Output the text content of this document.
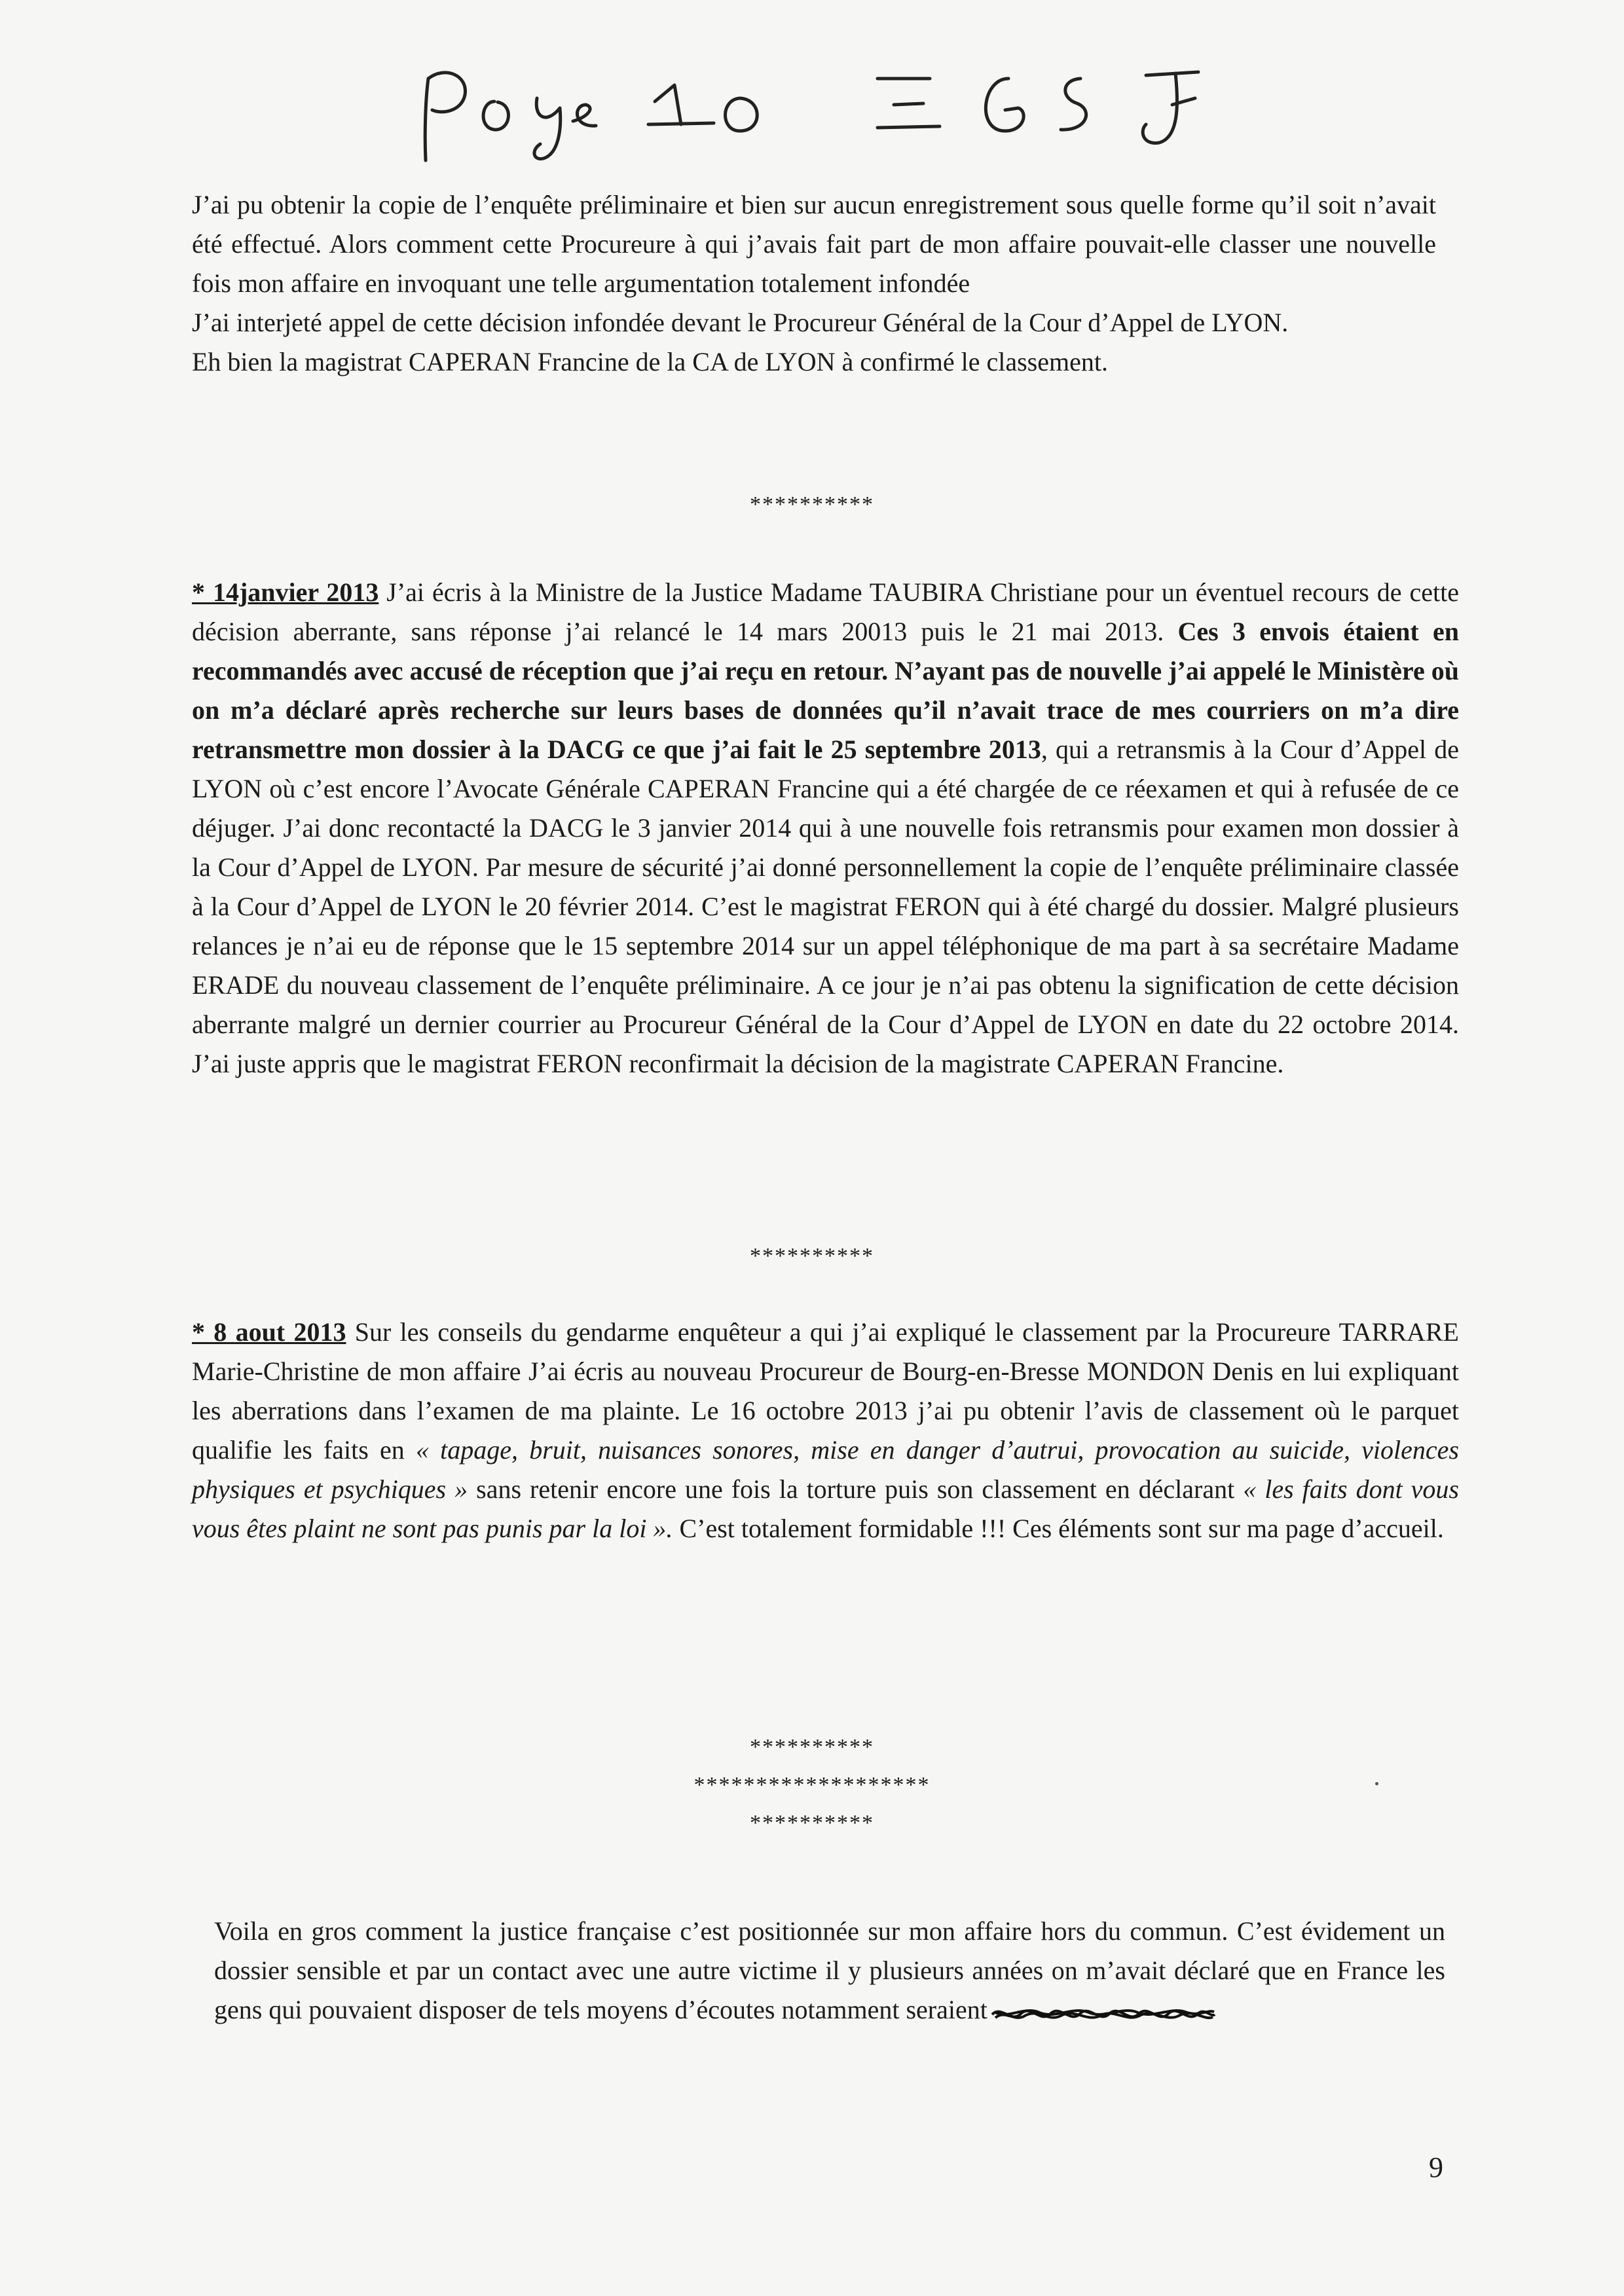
J’ai pu obtenir la copie de l’enquête préliminaire et bien sur aucun enregistrement sous quelle forme qu’il soit n’avait été effectué. Alors comment cette Procureure à qui j’avais fait part de mon affaire pouvait-elle classer une nouvelle fois mon affaire en invoquant une telle argumentation totalement infondée

J’ai interjeté appel de cette décision infondée devant le Procureur Général de la Cour d’Appel de LYON.

Eh bien la magistrat CAPERAN Francine de la CA de LYON à confirmé le classement.

**********
* 14janvier 2013 J’ai écris à la Ministre de la Justice Madame TAUBIRA Christiane pour un éventuel recours de cette décision aberrante, sans réponse j’ai relancé le 14 mars 20013 puis le 21 mai 2013. Ces 3 envois étaient en recommandés avec accusé de réception que j’ai reçu en retour. N’ayant pas de nouvelle j’ai appelé le Ministère où on m’a déclaré après recherche sur leurs bases de données qu’il n’avait trace de mes courriers on m’a dire retransmettre mon dossier à la DACG ce que j’ai fait le 25 septembre 2013, qui a retransmis à la Cour d’Appel de LYON où c’est encore l’Avocate Générale CAPERAN Francine qui a été chargée de ce réexamen et qui à refusée de ce déjuger. J’ai donc recontacté la DACG le 3 janvier 2014 qui à une nouvelle fois retransmis pour examen mon dossier à la Cour d’Appel de LYON. Par mesure de sécurité j’ai donné personnellement la copie de l’enquête préliminaire classée à la Cour d’Appel de LYON le 20 février 2014. C’est le magistrat FERON qui à été chargé du dossier. Malgré plusieurs relances je n’ai eu de réponse que le 15 septembre 2014 sur un appel téléphonique de ma part à sa secrétaire Madame ERADE du nouveau classement de l’enquête préliminaire. A ce jour je n’ai pas obtenu la signification de cette décision aberrante malgré un dernier courrier au Procureur Général de la Cour d’Appel de LYON en date du 22 octobre 2014. J’ai juste appris que le magistrat FERON reconfirmait la décision de la magistrate CAPERAN Francine.
**********
* 8 aout 2013 Sur les conseils du gendarme enquêteur a qui j’ai expliqué le classement par la Procureure TARRARE Marie-Christine de mon affaire J’ai écris au nouveau Procureur de Bourg-en-Bresse MONDON Denis en lui expliquant les aberrations dans l’examen de ma plainte. Le 16 octobre 2013 j’ai pu obtenir l’avis de classement où le parquet qualifie les faits en « tapage, bruit, nuisances sonores, mise en danger d’autrui, provocation au suicide, violences physiques et psychiques » sans retenir encore une fois la torture puis son classement en déclarant « les faits dont vous vous êtes plaint ne sont pas punis par la loi ». C’est totalement formidable !!! Ces éléments sont sur ma page d’accueil.
**********
*******************
**********
Voila en gros comment la justice française c’est positionnée sur mon affaire hors du commun. C’est évidement un dossier sensible et par un contact avec une autre victime il y plusieurs années on m’avait déclaré que en France les gens qui pouvaient disposer de tels moyens d’écoutes notamment seraient
9
